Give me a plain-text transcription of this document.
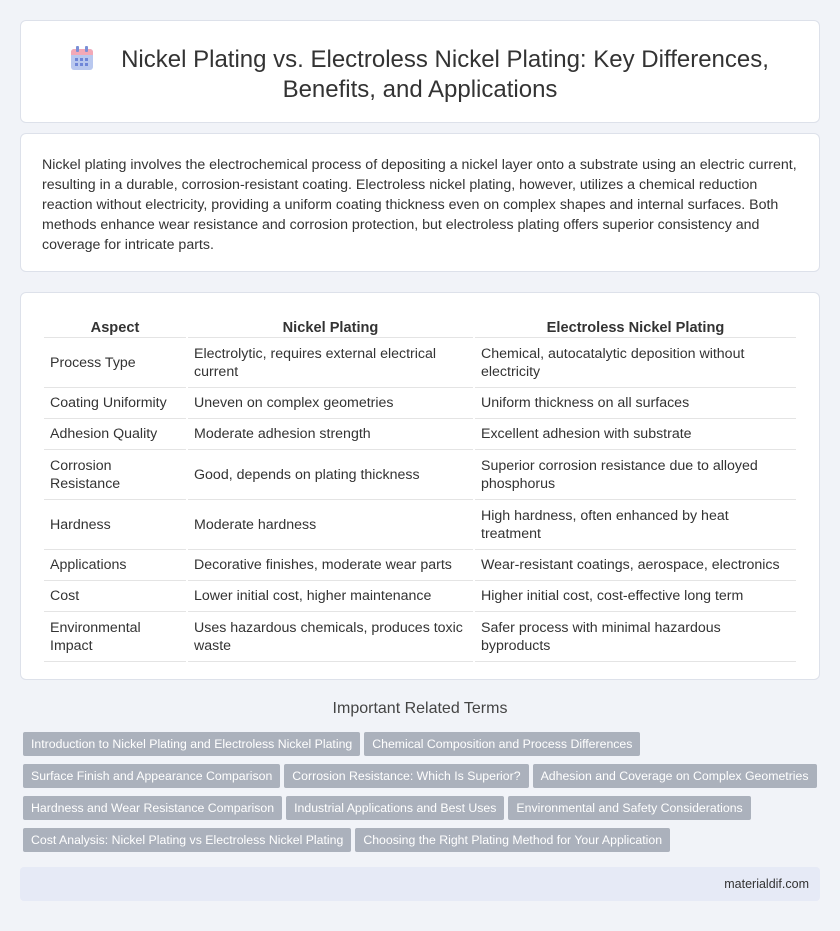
Nickel Plating vs. Electroless Nickel Plating: Key Differences,
Benefits, and Applications

Nickel plating involves the electrochemical process of depositing a nickel layer onto a substrate using an electric current, resulting in a durable, corrosion-resistant coating. Electroless nickel plating, however, utilizes a chemical reduction reaction without electricity, providing a uniform coating thickness even on complex shapes and internal surfaces. Both methods enhance wear resistance and corrosion protection, but electroless plating offers superior consistency and coverage for intricate parts.

Aspect	Nickel Plating	Electroless Nickel Plating
Process Type	Electrolytic, requires external electrical current	Chemical, autocatalytic deposition without electricity
Coating Uniformity	Uneven on complex geometries	Uniform thickness on all surfaces
Adhesion Quality	Moderate adhesion strength	Excellent adhesion with substrate
Corrosion Resistance	Good, depends on plating thickness	Superior corrosion resistance due to alloyed phosphorus
Hardness	Moderate hardness	High hardness, often enhanced by heat treatment
Applications	Decorative finishes, moderate wear parts	Wear-resistant coatings, aerospace, electronics
Cost	Lower initial cost, higher maintenance	Higher initial cost, cost-effective long term
Environmental Impact	Uses hazardous chemicals, produces toxic waste	Safer process with minimal hazardous byproducts
Important Related Terms
Introduction to Nickel Plating and Electroless Nickel Plating Chemical Composition and Process Differences
Surface Finish and Appearance Comparison Corrosion Resistance: Which Is Superior? Adhesion and Coverage on Complex Geometries
Hardness and Wear Resistance Comparison Industrial Applications and Best Uses Environmental and Safety Considerations
Cost Analysis: Nickel Plating vs Electroless Nickel Plating Choosing the Right Plating Method for Your Application
materialdif.com
